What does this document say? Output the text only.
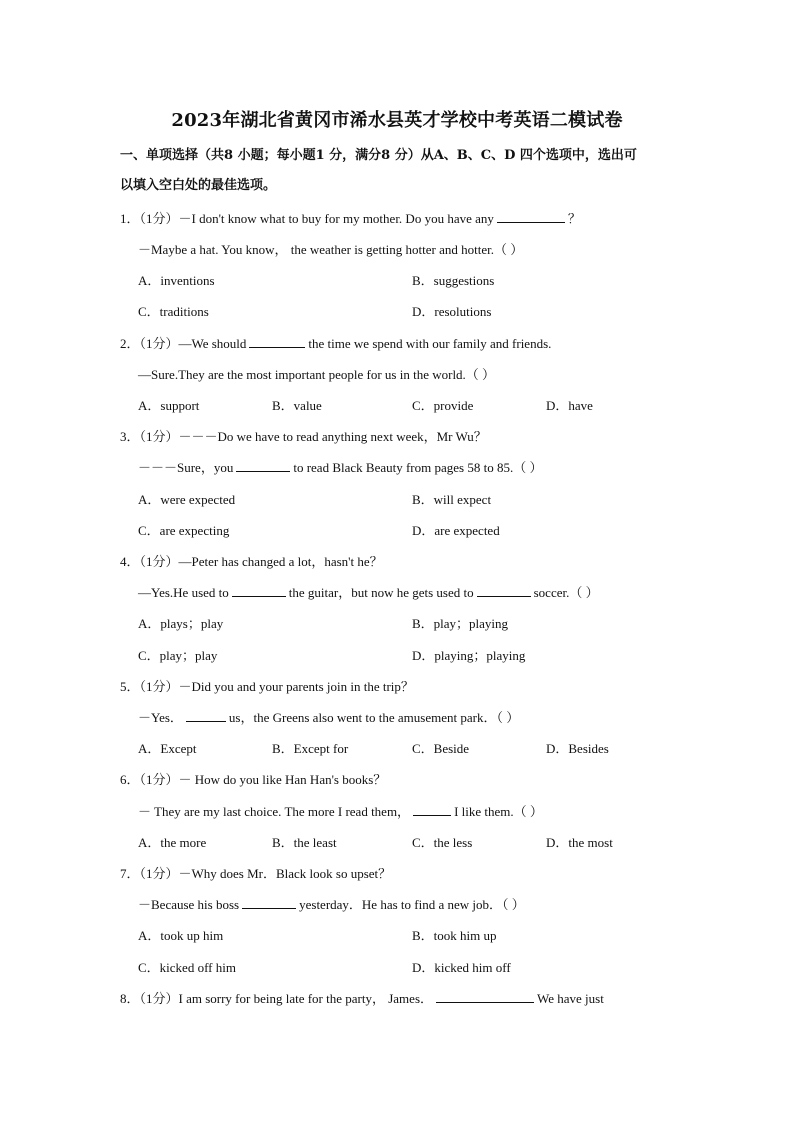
2023年湖北省黄冈市浠水县英才学校中考英语二模试卷
一、单项选择（共8 小题；每小题1 分，满分8 分）从A、B、C、D 四个选项中，选出可
以填入空白处的最佳选项。
1．（1分）－I don't know what to buy for my mother. Do you have any	？
－Maybe a hat. You know， the weather is getting hotter and hotter.（ ）
A．inventions	B．suggestions
C．traditions	D．resolutions
2．（1分）—We should	the time we spend with our family and friends.
—Sure.They are the most important people for us in the world.（ ）
A．support	B．value	C．provide	D．have
3．（1分）－－－Do we have to read anything next week，Mr Wu？
－－－Sure，you	to read Black Beauty from pages 58 to 85.（ ）
A．were expected	B．will expect
C．are expecting	D．are expected
4．（1分）—Peter has changed a lot，hasn't he？
—Yes.He used to	the guitar，but now he gets used to	soccer.（ ）
A．plays；play	B．play；playing
C．play；play	D．playing；playing
5．（1分）－Did you and your parents join in the trip？
－Yes．	us，the Greens also went to the amusement park．（ ）
A．Except	B．Except for	C．Beside	D．Besides
6．（1分）－ How do you like Han Han's books？
－ They are my last choice. The more I read them，	I like them.（ ）
A．the more	B．the least	C．the less	D．the most
7．（1分）－Why does Mr．Black look so upset？
－Because his boss	yesterday．He has to find a new job．（ ）
A．took up him	B．took him up
C．kicked off him	D．kicked him off
8．（1分）I am sorry for being late for the party， James．	We have just
